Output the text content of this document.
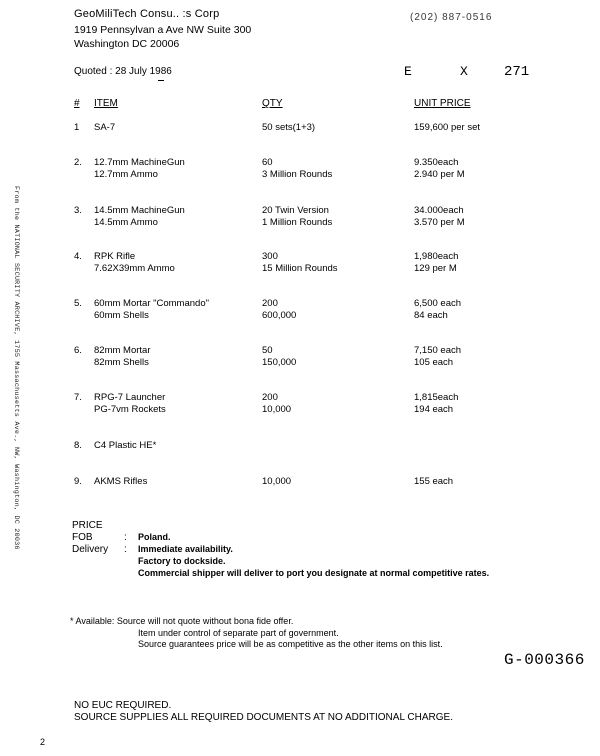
GeoMiliTech Consu.. :s Corp
1919 Pennsylvan a Ave NW Suite 300
Washington DC 20006
(202) 887-0516
Quoted : 28 July 1986	E	X	271
From the NATIONAL SECURITY ARCHIVE, 1755 Massachusetts Ave., NW, Washington, DC 20036
# ITEM	QTY	UNIT PRICE
1 SA-7	50 sets(1+3)	159,600 per set
2. 12.7mm MachineGun	60	9.350each
12.7mm Ammo	3 Million Rounds	2.940 per M
3. 14.5mm MachineGun	20 Twin Version	34.000each
14.5mm Ammo	1 Million Rounds	3.570 per M
4. RPK Rifle	300	1,980each
7.62X39mm Ammo	15 Million Rounds	129 per M
5. 60mm Mortar "Commando"	200	6,500 each
60mm Shells	600,000	84 each
6. 82mm Mortar	50	7,150 each
82mm Shells	150,000	105 each
7. RPG-7 Launcher	200	1,815each
PG-7vm Rockets	10,000	194 each
8. C4 Plastic HE*
9. AKMS Rifles	10,000	155 each
PRICE
FOB	: Poland.
Delivery : Immediate availability.
Factory to dockside.
Commercial shipper will deliver to port you designate at normal competitive rates.
* Available: Source will not quote without bona fide offer.
Item under control of separate part of government.
Source guarantees price will be as competitive as the other items on this list.
G-000366
NO EUC REQUIRED.
SOURCE SUPPLIES ALL REQUIRED DOCUMENTS AT NO ADDITIONAL CHARGE.
2
